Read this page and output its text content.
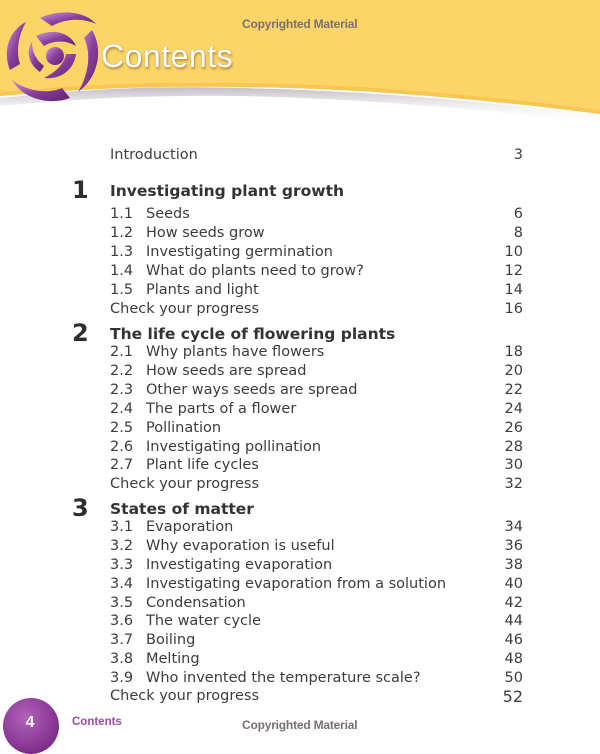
Copyrighted Material
Contents
Introduction	3
1 Investigating plant growth
1.1 Seeds	6
1.2 How seeds grow	8
1.3 Investigating germination	10
1.4 What do plants need to grow?	12
1.5 Plants and light	14
Check your progress	16
2 The life cycle of flowering plants
2.1 Why plants have flowers	18
2.2 How seeds are spread	20
2.3 Other ways seeds are spread	22
2.4 The parts of a flower	24
2.5 Pollination	26
2.6 Investigating pollination	28
2.7 Plant life cycles	30
Check your progress	32
3 States of matter
3.1 Evaporation	34
3.2 Why evaporation is useful	36
3.3 Investigating evaporation	38
3.4 Investigating evaporation from a solution	40
3.5 Condensation	42
3.6 The water cycle	44
3.7 Boiling	46
3.8 Melting	48
3.9 Who invented the temperature scale?	50
Check your progress	52
4	Contents	Copyrighted Material
